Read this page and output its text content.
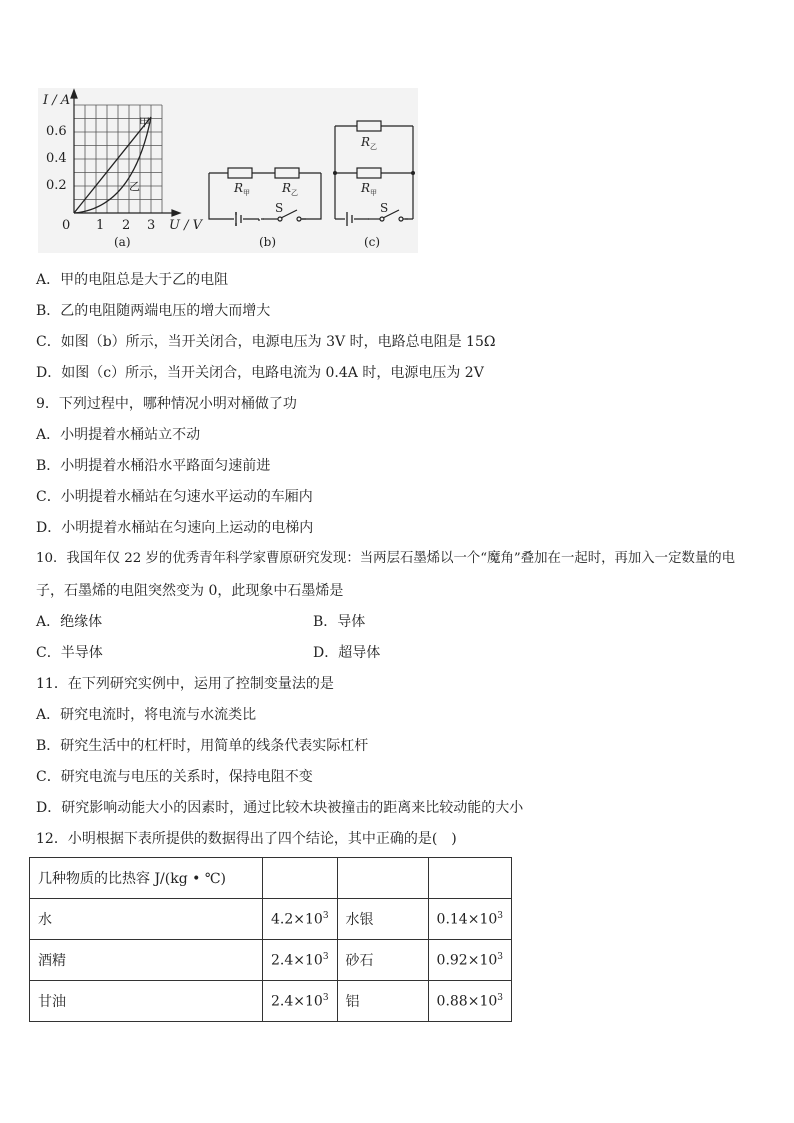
I / A
0.6
0.4
0.2
0 1 2 3 U / V
甲
乙
(a)
R 甲	R 乙
S
(b)
R 乙
R 甲
S
(c)
A．甲的电阻总是大于乙的电阻
B．乙的电阻随两端电压的增大而增大
C．如图（b）所示，当开关闭合，电源电压为 3V 时，电路总电阻是 15Ω
D．如图（c）所示，当开关闭合，电路电流为 0.4A 时，电源电压为 2V
9．下列过程中，哪种情况小明对桶做了功
A．小明提着水桶站立不动
B．小明提着水桶沿水平路面匀速前进
C．小明提着水桶站在匀速水平运动的车厢内
D．小明提着水桶站在匀速向上运动的电梯内
10．我国年仅 22 岁的优秀青年科学家曹原研究发现：当两层石墨烯以一个“魔角”叠加在一起时，再加入一定数量的电
子，石墨烯的电阻突然变为 0，此现象中石墨烯是
A．绝缘体	B．导体
C．半导体	D．超导体
11．在下列研究实例中，运用了控制变量法的是
A．研究电流时，将电流与水流类比
B．研究生活中的杠杆时，用简单的线条代表实际杠杆
C．研究电流与电压的关系时，保持电阻不变
D．研究影响动能大小的因素时，通过比较木块被撞击的距离来比较动能的大小
12．小明根据下表所提供的数据得出了四个结论，其中正确的是(　)
几种物质的比热容 J/(kg • ℃)			
水	$4.2\times 10^3$	水银	$0.14\times 10^3$
酒精	$2.4\times 10^3$	砂石	$0.92\times 10^3$
甘油	$2.4\times 10^3$	铝	$0.88\times 10^3$
